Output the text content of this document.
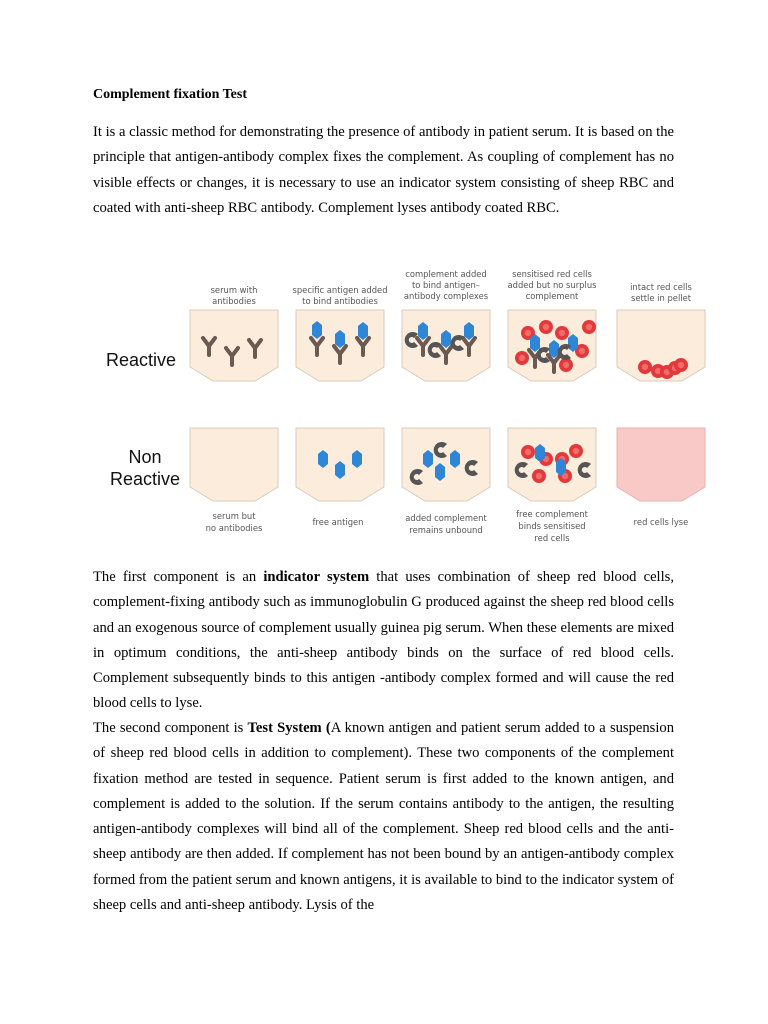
Complement fixation Test

It is a classic method for demonstrating the presence of antibody in patient serum. It is based on the principle that antigen-antibody complex fixes the complement. As coupling of complement has no visible effects or changes, it is necessary to use an indicator system consisting of sheep RBC and coated with anti-sheep RBC antibody. Complement lyses antibody coated RBC.

serum with
antibodies
specific antigen added
to bind antibodies
complement added
to bind antigen–
antibody complexes
sensitised red cells
added but no surplus
complement
intact red cells
settle in pellet
Reactive
Non
Reactive
serum but
no antibodies
free antigen	added complement
remains unbound
free complement
binds sensitised
red cells
red cells lyse

The first component is an indicator system that uses combination of sheep red blood cells, complement-fixing antibody such as immunoglobulin G produced against the sheep red blood cells and an exogenous source of complement usually guinea pig serum. When these elements are mixed in optimum conditions, the anti-sheep antibody binds on the surface of red blood cells. Complement subsequently binds to this antigen -antibody complex formed and will cause the red blood cells to lyse.

The second component is Test System (A known antigen and patient serum added to a suspension of sheep red blood cells in addition to complement). These two components of the complement fixation method are tested in sequence. Patient serum is first added to the known antigen, and complement is added to the solution. If the serum contains antibody to the antigen, the resulting antigen-antibody complexes will bind all of the complement. Sheep red blood cells and the anti-sheep antibody are then added. If complement has not been bound by an antigen-antibody complex formed from the patient serum and known antigens, it is available to bind to the indicator system of sheep cells and anti-sheep antibody. Lysis of the
